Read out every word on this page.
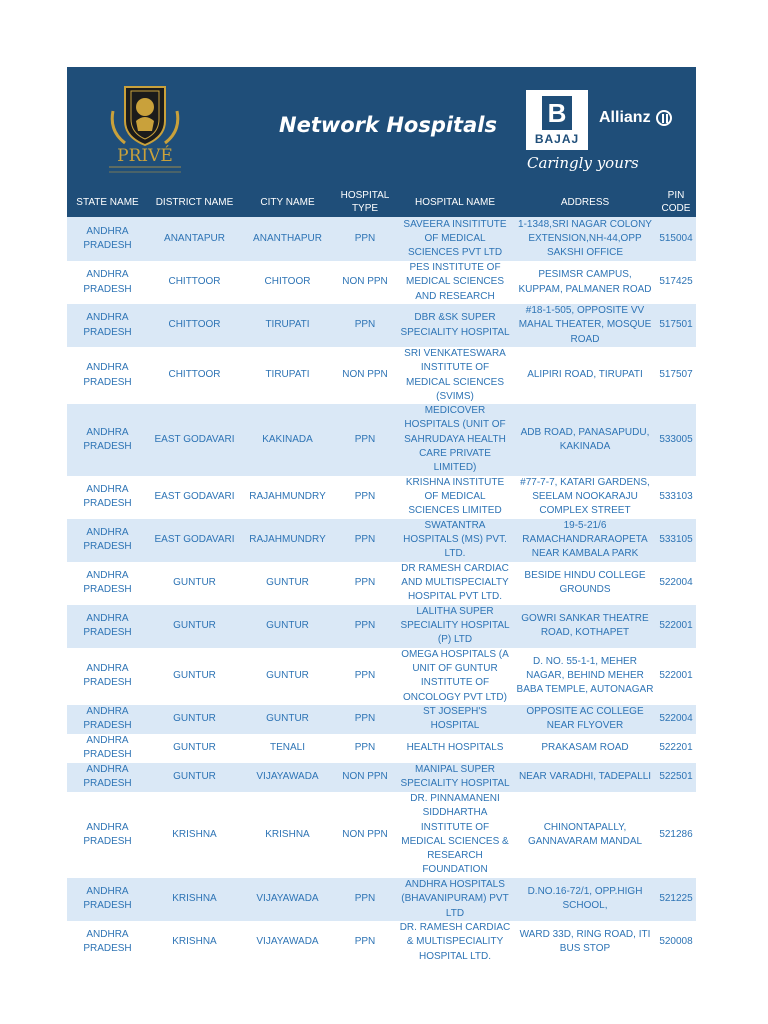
PRIVÉ
Network Hospitals B
BAJAJ
Allianz
Caringly yours
STATE NAME	DISTRICT NAME	CITY NAME	HOSPITAL TYPE	HOSPITAL NAME	ADDRESS	PIN CODE
ANDHRA PRADESH	ANANTAPUR	ANANTHAPUR	PPN	SAVEERA INSITITUTE OF MEDICAL SCIENCES PVT LTD	1-1348,SRI NAGAR COLONY EXTENSION,NH-44,OPP SAKSHI OFFICE	515004
ANDHRA PRADESH	CHITTOOR	CHITOOR	NON PPN	PES INSTITUTE OF MEDICAL SCIENCES AND RESEARCH	PESIMSR CAMPUS, KUPPAM, PALMANER ROAD	517425
ANDHRA PRADESH	CHITTOOR	TIRUPATI	PPN	DBR &SK SUPER SPECIALITY HOSPITAL	#18-1-505, OPPOSITE VV MAHAL THEATER, MOSQUE ROAD	517501
ANDHRA PRADESH	CHITTOOR	TIRUPATI	NON PPN	SRI VENKATESWARA INSTITUTE OF MEDICAL SCIENCES (SVIMS)	ALIPIRI ROAD, TIRUPATI	517507
ANDHRA PRADESH	EAST GODAVARI	KAKINADA	PPN	MEDICOVER HOSPITALS (UNIT OF SAHRUDAYA HEALTH CARE PRIVATE LIMITED)	ADB ROAD, PANASAPUDU, KAKINADA	533005
ANDHRA PRADESH	EAST GODAVARI	RAJAHMUNDRY	PPN	KRISHNA INSTITUTE OF MEDICAL SCIENCES LIMITED	#77-7-7, KATARI GARDENS, SEELAM NOOKARAJU COMPLEX STREET	533103
ANDHRA PRADESH	EAST GODAVARI	RAJAHMUNDRY	PPN	SWATANTRA HOSPITALS (MS) PVT. LTD.	19-5-21/6 RAMACHANDRARAOPETA NEAR KAMBALA PARK	533105
ANDHRA PRADESH	GUNTUR	GUNTUR	PPN	DR RAMESH CARDIAC AND MULTISPECIALTY HOSPITAL PVT LTD.	BESIDE HINDU COLLEGE GROUNDS	522004
ANDHRA PRADESH	GUNTUR	GUNTUR	PPN	LALITHA SUPER SPECIALITY HOSPITAL (P) LTD	GOWRI SANKAR THEATRE ROAD, KOTHAPET	522001
ANDHRA PRADESH	GUNTUR	GUNTUR	PPN	OMEGA HOSPITALS (A UNIT OF GUNTUR INSTITUTE OF ONCOLOGY PVT LTD)	D. NO. 55-1-1, MEHER NAGAR, BEHIND MEHER BABA TEMPLE, AUTONAGAR	522001
ANDHRA PRADESH	GUNTUR	GUNTUR	PPN	ST JOSEPH'S HOSPITAL	OPPOSITE AC COLLEGE NEAR FLYOVER	522004
ANDHRA PRADESH	GUNTUR	TENALI	PPN	HEALTH HOSPITALS	PRAKASAM ROAD	522201
ANDHRA PRADESH	GUNTUR	VIJAYAWADA	NON PPN	MANIPAL SUPER SPECIALITY HOSPITAL	NEAR VARADHI, TADEPALLI	522501
ANDHRA PRADESH	KRISHNA	KRISHNA	NON PPN	DR. PINNAMANENI SIDDHARTHA INSTITUTE OF MEDICAL SCIENCES & RESEARCH FOUNDATION	CHINONTAPALLY, GANNAVARAM MANDAL	521286
ANDHRA PRADESH	KRISHNA	VIJAYAWADA	PPN	ANDHRA HOSPITALS (BHAVANIPURAM) PVT LTD	D.NO.16-72/1, OPP.HIGH SCHOOL,	521225
ANDHRA PRADESH	KRISHNA	VIJAYAWADA	PPN	DR. RAMESH CARDIAC & MULTISPECIALITY HOSPITAL LTD.	WARD 33D, RING ROAD, ITI BUS STOP	520008
